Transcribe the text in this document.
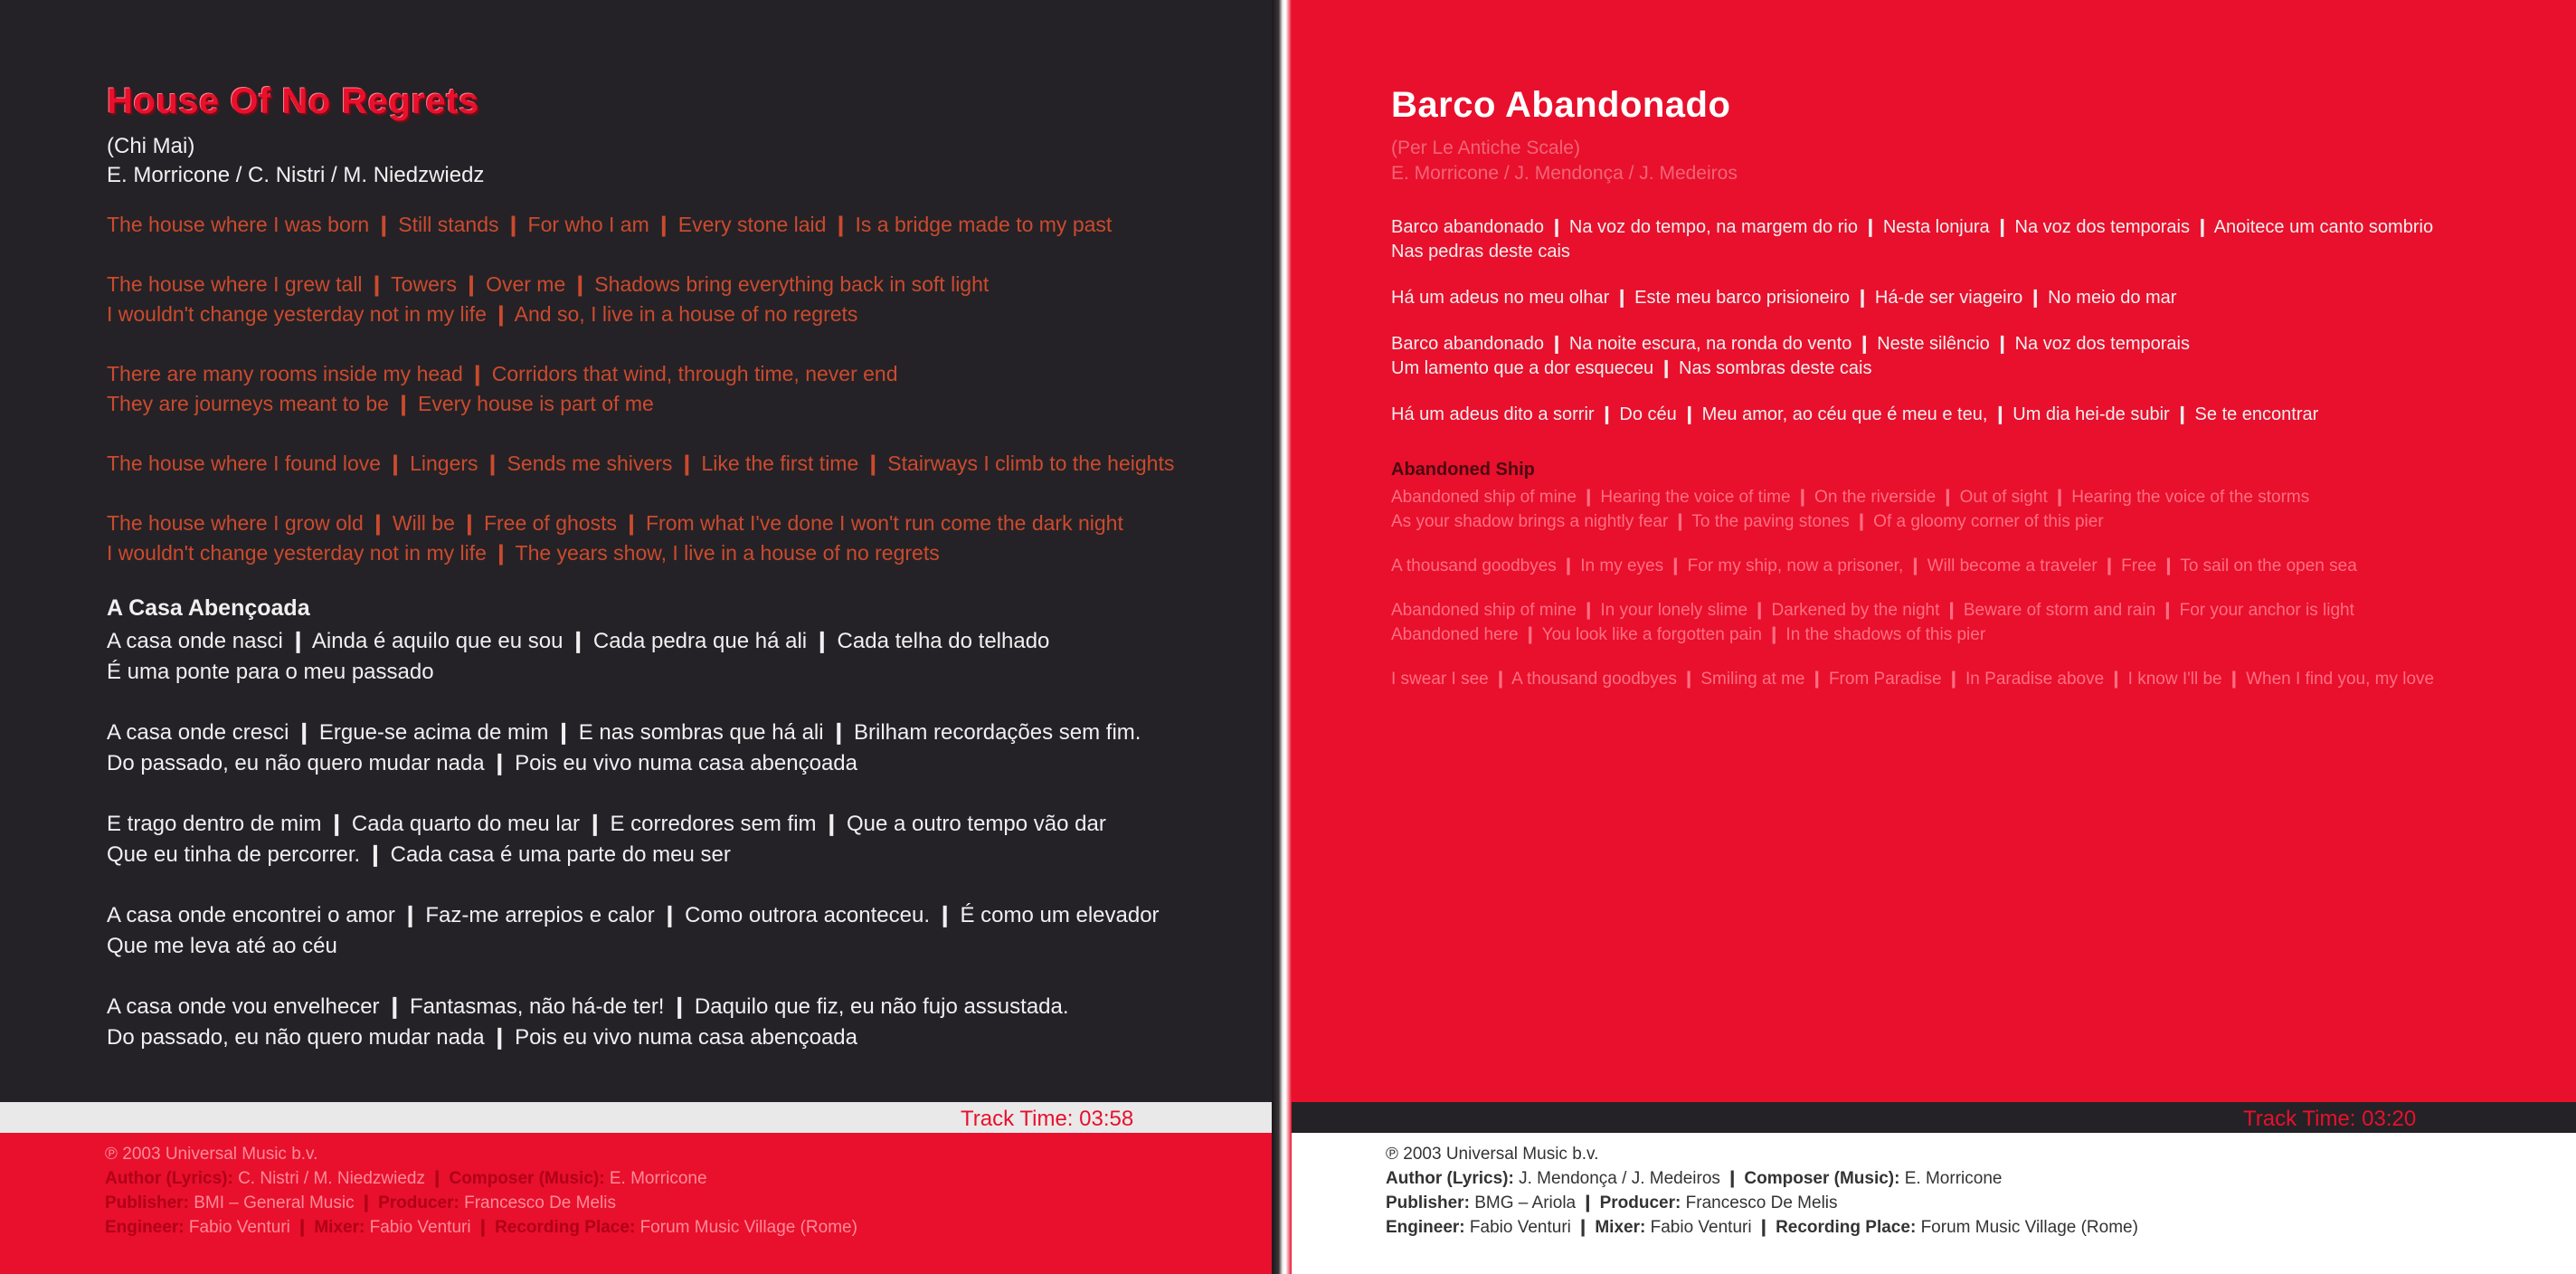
House Of No Regrets
(Chi Mai)
E. Morricone / C. Nistri / M. Niedzwiedz
The house where I was born ❙ Still stands ❙ For who I am ❙ Every stone laid ❙ Is a bridge made to my past
The house where I grew tall ❙ Towers ❙ Over me ❙ Shadows bring everything back in soft light
I wouldn't change yesterday not in my life ❙ And so, I live in a house of no regrets
There are many rooms inside my head ❙ Corridors that wind, through time, never end
They are journeys meant to be ❙ Every house is part of me
The house where I found love ❙ Lingers ❙ Sends me shivers ❙ Like the first time ❙ Stairways I climb to the heights
The house where I grow old ❙ Will be ❙ Free of ghosts ❙ From what I've done I won't run come the dark night
I wouldn't change yesterday not in my life ❙ The years show, I live in a house of no regrets
A Casa Abençoada
A casa onde nasci ❙ Ainda é aquilo que eu sou ❙ Cada pedra que há ali ❙ Cada telha do telhado
É uma ponte para o meu passado
A casa onde cresci ❙ Ergue-se acima de mim ❙ E nas sombras que há ali ❙ Brilham recordações sem fim.
Do passado, eu não quero mudar nada ❙ Pois eu vivo numa casa abençoada
E trago dentro de mim ❙ Cada quarto do meu lar ❙ E corredores sem fim ❙ Que a outro tempo vão dar
Que eu tinha de percorrer. ❙ Cada casa é uma parte do meu ser
A casa onde encontrei o amor ❙ Faz-me arrepios e calor ❙ Como outrora aconteceu. ❙ É como um elevador
Que me leva até ao céu
A casa onde vou envelhecer ❙ Fantasmas, não há-de ter! ❙ Daquilo que fiz, eu não fujo assustada.
Do passado, eu não quero mudar nada ❙ Pois eu vivo numa casa abençoada
Barco Abandonado
(Per Le Antiche Scale)
E. Morricone / J. Mendonça / J. Medeiros
Barco abandonado ❙ Na voz do tempo, na margem do rio ❙ Nesta lonjura ❙ Na voz dos temporais ❙ Anoitece um canto sombrio
Nas pedras deste cais
Há um adeus no meu olhar ❙ Este meu barco prisioneiro ❙ Há-de ser viageiro ❙ No meio do mar
Barco abandonado ❙ Na noite escura, na ronda do vento ❙ Neste silêncio ❙ Na voz dos temporais
Um lamento que a dor esqueceu ❙ Nas sombras deste cais
Há um adeus dito a sorrir ❙ Do céu ❙ Meu amor, ao céu que é meu e teu, ❙ Um dia hei-de subir ❙ Se te encontrar
Abandoned Ship
Abandoned ship of mine ❙ Hearing the voice of time ❙ On the riverside ❙ Out of sight ❙ Hearing the voice of the storms
As your shadow brings a nightly fear ❙ To the paving stones ❙ Of a gloomy corner of this pier
A thousand goodbyes ❙ In my eyes ❙ For my ship, now a prisoner, ❙ Will become a traveler ❙ Free ❙ To sail on the open sea
Abandoned ship of mine ❙ In your lonely slime ❙ Darkened by the night ❙ Beware of storm and rain ❙ For your anchor is light
Abandoned here ❙ You look like a forgotten pain ❙ In the shadows of this pier
I swear I see ❙ A thousand goodbyes ❙ Smiling at me ❙ From Paradise ❙ In Paradise above ❙ I know I'll be ❙ When I find you, my love
Track Time: 03:58
℗ 2003 Universal Music b.v.
Author (Lyrics): C. Nistri / M. Niedzwiedz ❙ Composer (Music): E. Morricone
Publisher: BMI – General Music ❙ Producer: Francesco De Melis
Engineer: Fabio Venturi ❙ Mixer: Fabio Venturi ❙ Recording Place: Forum Music Village (Rome)
Track Time: 03:20
℗ 2003 Universal Music b.v.
Author (Lyrics): J. Mendonça / J. Medeiros ❙ Composer (Music): E. Morricone
Publisher: BMG – Ariola ❙ Producer: Francesco De Melis
Engineer: Fabio Venturi ❙ Mixer: Fabio Venturi ❙ Recording Place: Forum Music Village (Rome)
